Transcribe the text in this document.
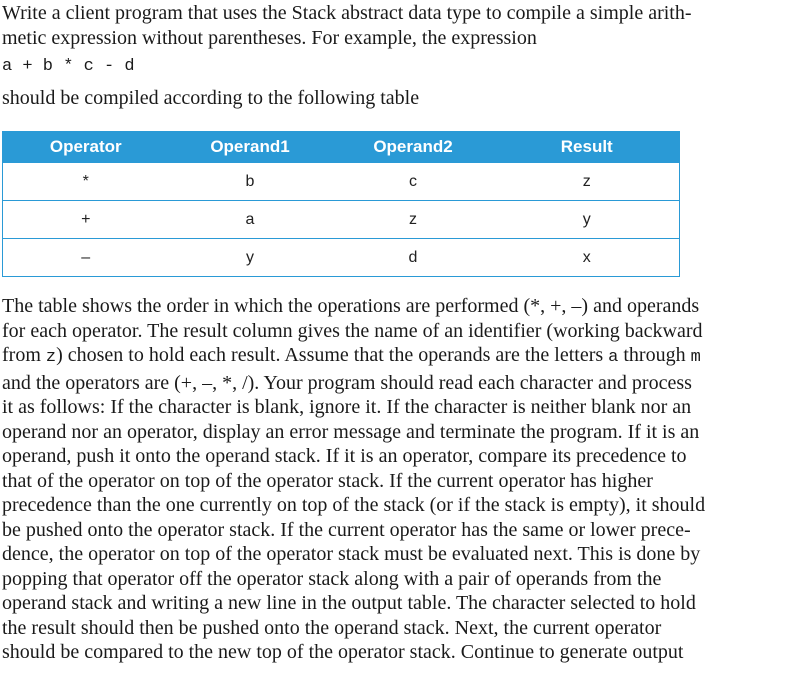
Write a client program that uses the Stack abstract data type to compile a simple arith-
metic expression without parentheses. For example, the expression
a + b * c - d
should be compiled according to the following table
Operator	Operand1	Operand2	Result
*	b	c	z
+	a	z	y
–	y	d	x
The table shows the order in which the operations are performed (*, +, –) and operands
for each operator. The result column gives the name of an identifier (working backward
from z) chosen to hold each result. Assume that the operands are the letters a through m
and the operators are (+, –, *, /). Your program should read each character and process
it as follows: If the character is blank, ignore it. If the character is neither blank nor an
operand nor an operator, display an error message and terminate the program. If it is an
operand, push it onto the operand stack. If it is an operator, compare its precedence to
that of the operator on top of the operator stack. If the current operator has higher
precedence than the one currently on top of the stack (or if the stack is empty), it should
be pushed onto the operator stack. If the current operator has the same or lower prece-
dence, the operator on top of the operator stack must be evaluated next. This is done by
popping that operator off the operator stack along with a pair of operands from the
operand stack and writing a new line in the output table. The character selected to hold
the result should then be pushed onto the operand stack. Next, the current operator
should be compared to the new top of the operator stack. Continue to generate output
